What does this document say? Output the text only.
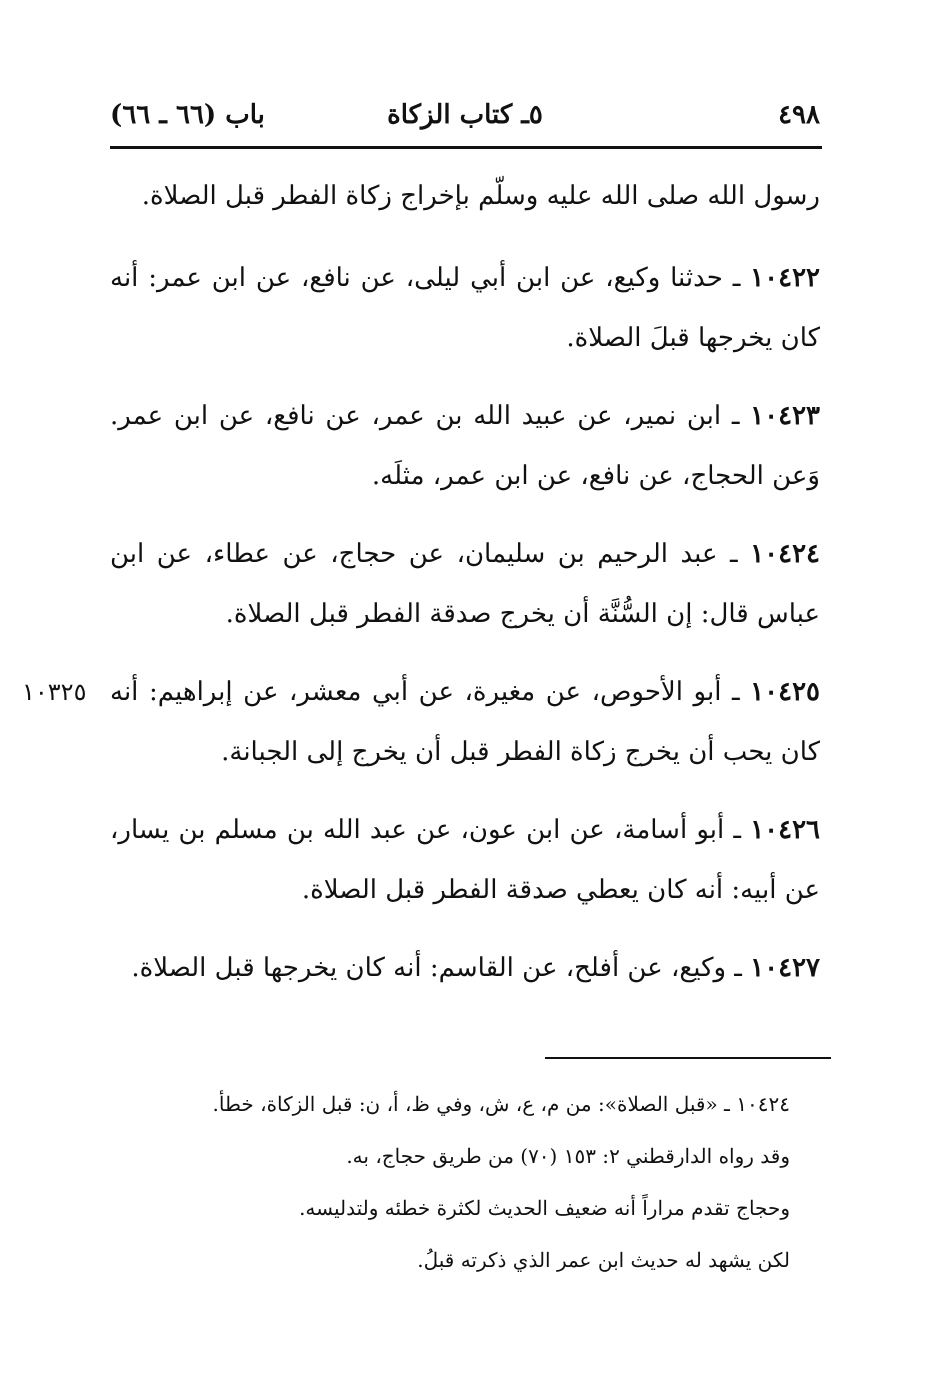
٤٩٨
٥ـ كتاب الزكاة
باب (٦٦ ـ ٦٦)

رسول الله صلى الله عليه وسلّم بإخراج زكاة الفطر قبل الصلاة.

١٠٤٢٢ ـ حدثنا وكيع، عن ابن أبي ليلى، عن نافع، عن ابن عمر: أنه كان يخرجها قبلَ الصلاة.

١٠٤٢٣ ـ ابن نمير، عن عبيد الله بن عمر، عن نافع، عن ابن عمر. وَعن الحجاج، عن نافع، عن ابن عمر، مثلَه.

١٠٤٢٤ ـ عبد الرحيم بن سليمان، عن حجاج، عن عطاء، عن ابن عباس قال: إن السُّنَّة أن يخرج صدقة الفطر قبل الصلاة.

١٠٣٢٥	١٠٤٢٥ ـ أبو الأحوص، عن مغيرة، عن أبي معشر، عن إبراهيم: أنه كان يحب أن يخرج زكاة الفطر قبل أن يخرج إلى الجبانة.

١٠٤٢٦ ـ أبو أسامة، عن ابن عون، عن عبد الله بن مسلم بن يسار، عن أبيه: أنه كان يعطي صدقة الفطر قبل الصلاة.

١٠٤٢٧ ـ وكيع، عن أفلح، عن القاسم: أنه كان يخرجها قبل الصلاة.

١٠٤٢٤ ـ «قبل الصلاة»: من م، ع، ش، وفي ظ، أ، ن: قبل الزكاة، خطأ.

وقد رواه الدارقطني ٢: ١٥٣ (٧٠) من طريق حجاج، به.

وحجاج تقدم مراراً أنه ضعيف الحديث لكثرة خطئه ولتدليسه.

لكن يشهد له حديث ابن عمر الذي ذكرته قبلُ.
